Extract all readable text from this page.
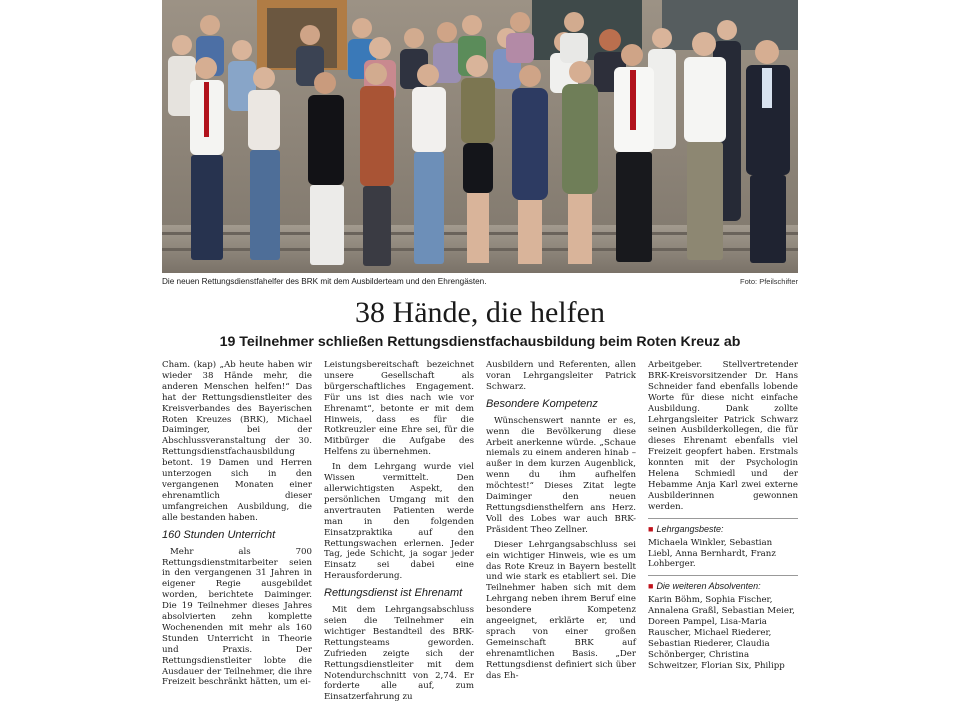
Die neuen Rettungsdienstfahelfer des BRK mit dem Ausbilderteam und den Ehrengästen.	Foto: Pfeilschifter
38 Hände, die helfen
19 Teilnehmer schließen Rettungsdienstfachausbildung beim Roten Kreuz ab

Cham. (kap) „Ab heute haben wir wieder 38 Hände mehr, die anderen Menschen helfen!“ Das hat der Rettungsdienstleiter des Kreisverbandes des Bayerischen Roten Kreuzes (BRK), Michael Daiminger, bei der Abschlussveranstaltung der 30. Rettungsdienstfachausbildung betont. 19 Damen und Herren unterzogen sich in den vergangenen Monaten einer ehrenamtlich dieser umfangreichen Ausbildung, die alle bestanden haben.

160 Stunden Unterricht

Mehr als 700 Rettungsdienstmitarbeiter seien in den vergangenen 31 Jahren in eigener Regie ausgebildet worden, berichtete Daiminger. Die 19 Teilnehmer dieses Jahres absolvierten zehn komplette Wochenenden mit mehr als 160 Stunden Unterricht in Theorie und Praxis. Der Rettungsdienstleiter lobte die Ausdauer der Teilnehmer, die ihre Freizeit beschränkt hätten, um ei-

Leistungsbereitschaft bezeichnet unsere Gesellschaft als bürgerschaftliches Engagement. Für uns ist dies nach wie vor Ehrenamt“, betonte er mit dem Hinweis, dass es für die Rotkreuzler eine Ehre sei, für die Mitbürger die Aufgabe des Helfens zu übernehmen.

In dem Lehrgang wurde viel Wissen vermittelt. Den allerwichtigsten Aspekt, den persönlichen Umgang mit den anvertrauten Patienten werde man in den folgenden Einsatzpraktika auf den Rettungswachen erlernen. Jeder Tag, jede Schicht, ja sogar jeder Einsatz sei dabei eine Herausforderung.

Rettungsdienst ist Ehrenamt

Mit dem Lehrgangsabschluss seien die Teilnehmer ein wichtiger Bestandteil des BRK-Rettungsteams geworden. Zufrieden zeigte sich der Rettungsdienstleiter mit dem Notendurchschnitt von 2,74. Er forderte alle auf, zum Einsatzerfahrung zu

Ausbildern und Referenten, allen voran Lehrgangsleiter Patrick Schwarz.

Besondere Kompetenz

Wünschenswert nannte er es, wenn die Bevölkerung diese Arbeit anerkenne würde. „Schaue niemals zu einem anderen hinab – außer in dem kurzen Augenblick, wenn du ihm aufhelfen möchtest!“ Dieses Zitat legte Daiminger den neuen Rettungsdiensthelfern ans Herz. Voll des Lobes war auch BRK-Präsident Theo Zellner.

Dieser Lehrgangsabschluss sei ein wichtiger Hinweis, wie es um das Rote Kreuz in Bayern bestellt und wie stark es etabliert sei. Die Teilnehmer haben sich mit dem Lehrgang neben ihrem Beruf eine besondere Kompetenz angeeignet, erklärte er, und sprach von einer großen Gemeinschaft BRK auf ehrenamtlichen Basis. „Der Rettungsdienst definiert sich über das Eh-

Arbeitgeber. Stellvertretender BRK-Kreisvorsitzender Dr. Hans Schneider fand ebenfalls lobende Worte für diese nicht einfache Ausbildung. Dank zollte Lehrgangsleiter Patrick Schwarz seinen Ausbilderkollegen, die für dieses Ehrenamt ebenfalls viel Freizeit geopfert haben. Erstmals konnten mit der Psychologin Helena Schmiedl und der Hebamme Anja Karl zwei externe Ausbilderinnen gewonnen werden.

■ Lehrgangsbeste:

Michaela Winkler, Sebastian Liebl, Anna Bernhardt, Franz Lohberger.

■ Die weiteren Absolventen:

Karin Böhm, Sophia Fischer, Annalena Graßl, Sebastian Meier, Doreen Pampel, Lisa-Maria Rauscher, Michael Riederer, Sebastian Riederer, Claudia Schönberger, Christina Schweitzer, Florian Six, Philipp
